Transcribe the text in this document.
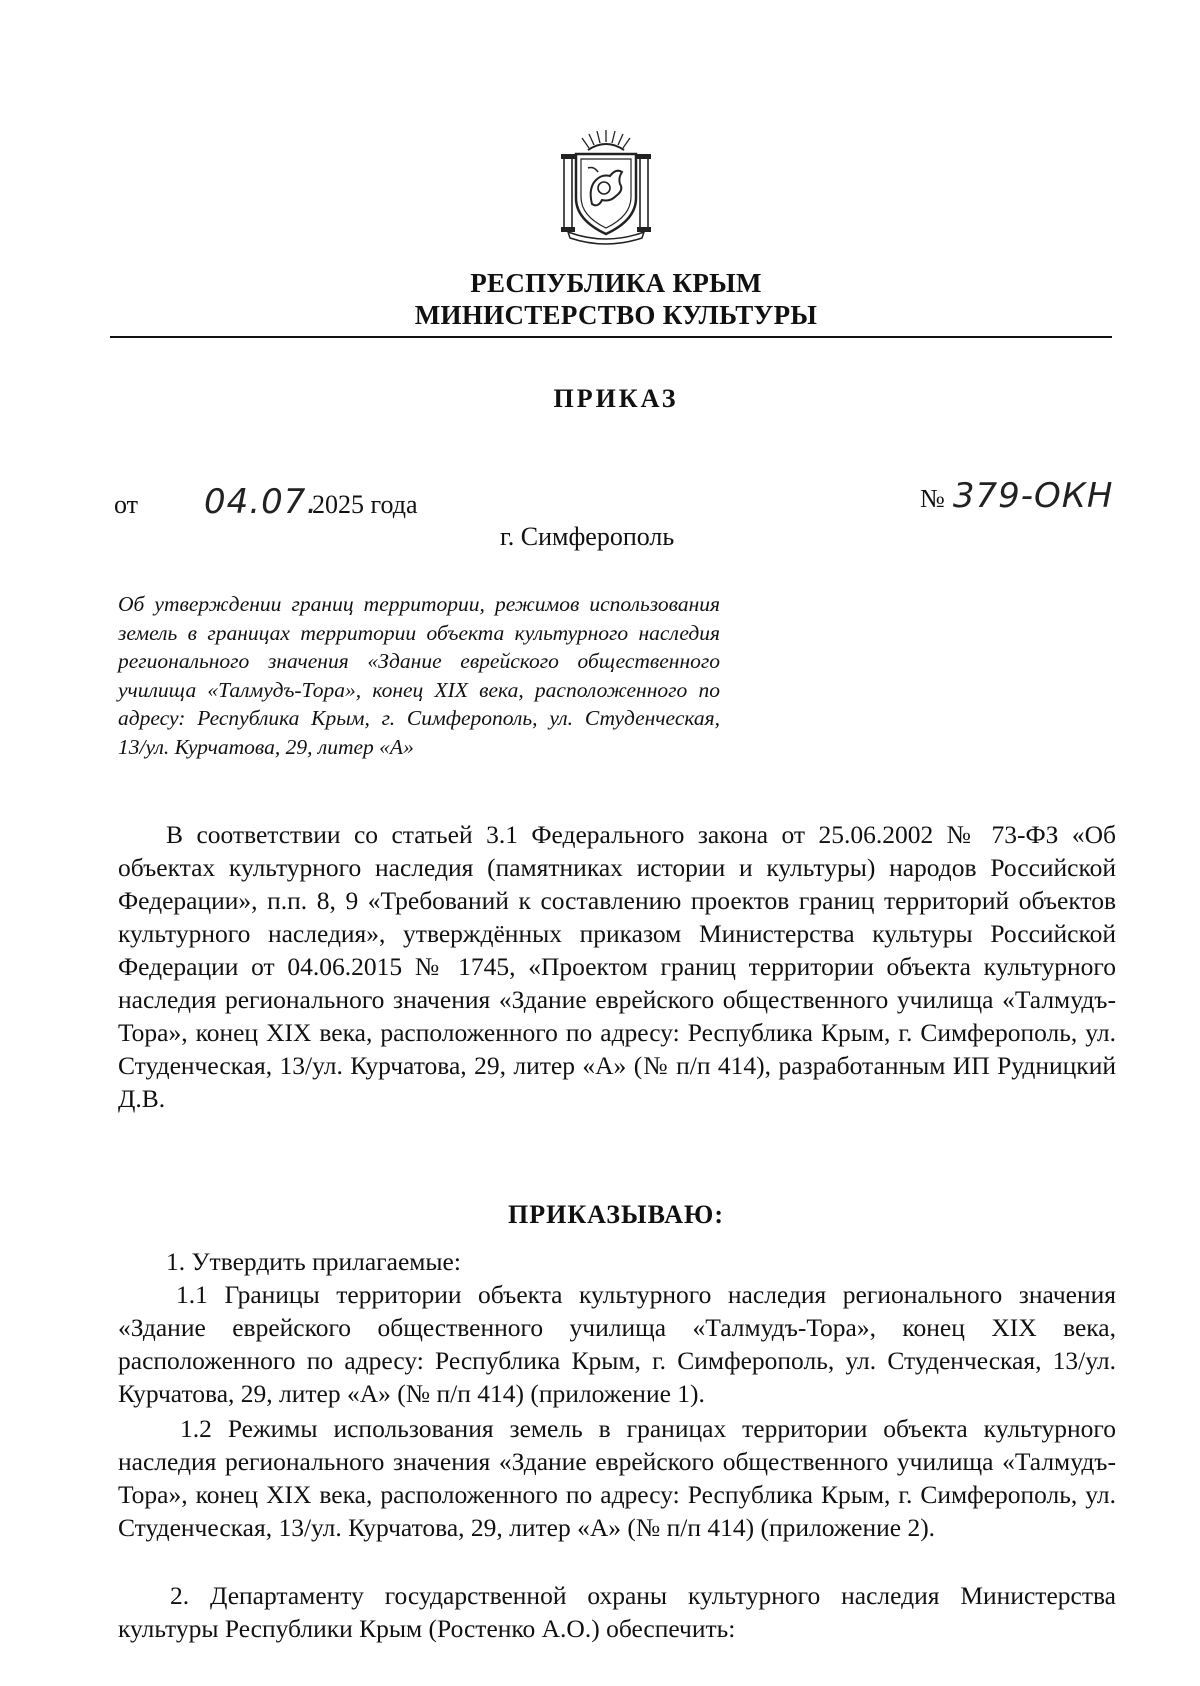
РЕСПУБЛИКА КРЫМ
МИНИСТЕРСТВО КУЛЬТУРЫ
ПРИКАЗ
от 04.07.2025 года	№ 379-ОКН
г. Симферополь
Об утверждении границ территории, режимов использования земель в границах территории объекта культурного наследия регионального значения «Здание еврейского общественного училища «Талмудъ-Тора», конец XIX века, расположенного по адресу: Республика Крым, г. Симферополь, ул. Студенческая,
13/ул. Курчатова, 29, литер «А»
В соответствии со статьей 3.1 Федерального закона от 25.06.2002 № 73-ФЗ «Об объектах культурного наследия (памятниках истории и культуры) народов Российской Федерации», п.п. 8, 9 «Требований к составлению проектов границ территорий объектов культурного наследия», утверждённых приказом Министерства культуры Российской Федерации от 04.06.2015 № 1745, «Проектом границ территории объекта культурного наследия регионального значения «Здание еврейского общественного училища «Талмудъ-Тора», конец XIX века, расположенного по адресу: Республика Крым, г. Симферополь, ул. Студенческая, 13/ул. Курчатова, 29, литер «А» (№ п/п 414), разработанным ИП Рудницкий Д.В.
ПРИКАЗЫВАЮ:
1. Утвердить прилагаемые:
1.1 Границы территории объекта культурного наследия регионального значения «Здание еврейского общественного училища «Талмудъ-Тора», конец XIX века, расположенного по адресу: Республика Крым, г. Симферополь, ул. Студенческая, 13/ул. Курчатова, 29, литер «А» (№ п/п 414) (приложение 1).
1.2 Режимы использования земель в границах территории объекта культурного наследия регионального значения «Здание еврейского общественного училища «Талмудъ-Тора», конец XIX века, расположенного по адресу: Республика Крым, г. Симферополь, ул. Студенческая, 13/ул. Курчатова, 29, литер «А» (№ п/п 414) (приложение 2).
2. Департаменту государственной охраны культурного наследия Министерства культуры Республики Крым (Ростенко А.О.) обеспечить:
